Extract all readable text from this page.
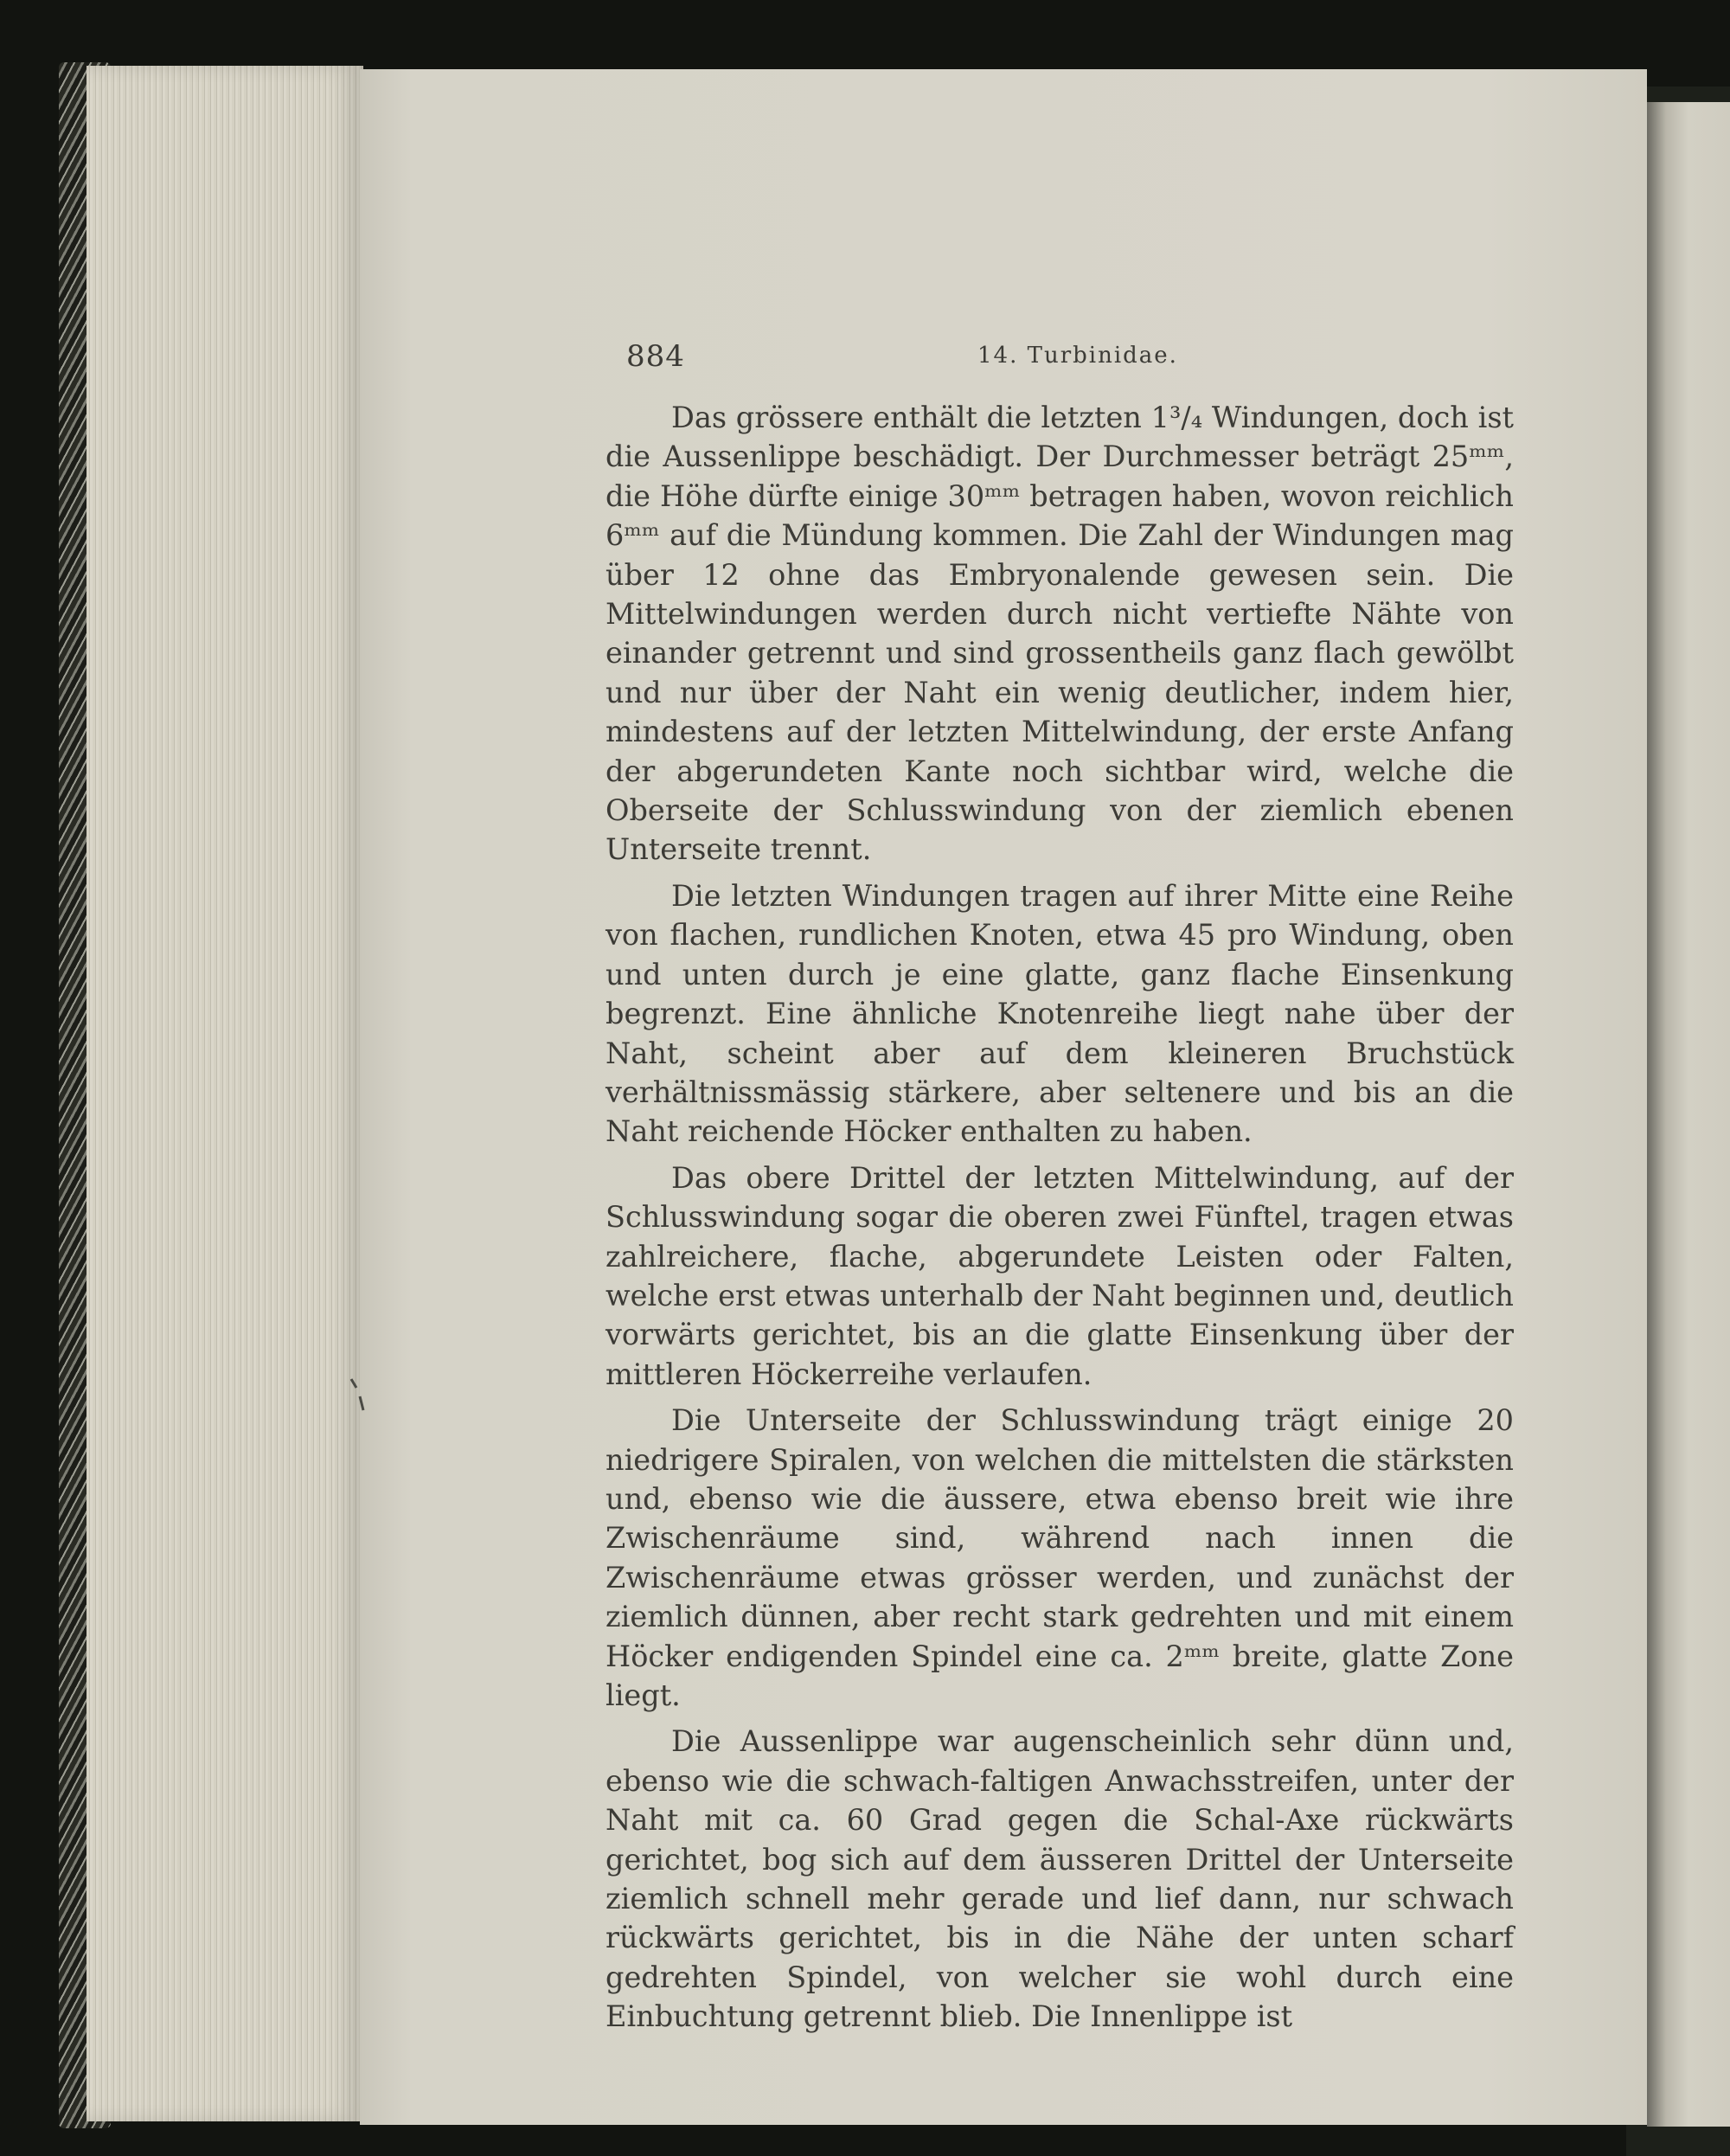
884	14. Turbinidae.

Das grössere enthält die letzten 1³/₄ Windungen, doch ist die Aussenlippe beschädigt. Der Durchmesser beträgt 25ᵐᵐ, die Höhe dürfte einige 30ᵐᵐ betragen haben, wovon reichlich 6ᵐᵐ auf die Mündung kommen. Die Zahl der Windungen mag über 12 ohne das Embryonalende gewesen sein. Die Mittelwindungen werden durch nicht vertiefte Nähte von einander getrennt und sind grossentheils ganz flach gewölbt und nur über der Naht ein wenig deutlicher, indem hier, mindestens auf der letzten Mittelwindung, der erste Anfang der abgerundeten Kante noch sichtbar wird, welche die Oberseite der Schlusswindung von der ziemlich ebenen Unterseite trennt.

Die letzten Windungen tragen auf ihrer Mitte eine Reihe von flachen, rundlichen Knoten, etwa 45 pro Windung, oben und unten durch je eine glatte, ganz flache Einsenkung begrenzt. Eine ähnliche Knotenreihe liegt nahe über der Naht, scheint aber auf dem kleineren Bruchstück verhältnissmässig stärkere, aber seltenere und bis an die Naht reichende Höcker enthalten zu haben.

Das obere Drittel der letzten Mittelwindung, auf der Schlusswindung sogar die oberen zwei Fünftel, tragen etwas zahlreichere, flache, abgerundete Leisten oder Falten, welche erst etwas unterhalb der Naht beginnen und, deutlich vorwärts gerichtet, bis an die glatte Einsenkung über der mittleren Höckerreihe verlaufen.

Die Unterseite der Schlusswindung trägt einige 20 niedrigere Spiralen, von welchen die mittelsten die stärksten und, ebenso wie die äussere, etwa ebenso breit wie ihre Zwischenräume sind, während nach innen die Zwischenräume etwas grösser werden, und zunächst der ziemlich dünnen, aber recht stark gedrehten und mit einem Höcker endigenden Spindel eine ca. 2ᵐᵐ breite, glatte Zone liegt.

Die Aussenlippe war augenscheinlich sehr dünn und, ebenso wie die schwach-faltigen Anwachsstreifen, unter der Naht mit ca. 60 Grad gegen die Schal-Axe rückwärts gerichtet, bog sich auf dem äusseren Drittel der Unterseite ziemlich schnell mehr gerade und lief dann, nur schwach rückwärts gerichtet, bis in die Nähe der unten scharf gedrehten Spindel, von welcher sie wohl durch eine Einbuchtung getrennt blieb. Die Innenlippe ist
